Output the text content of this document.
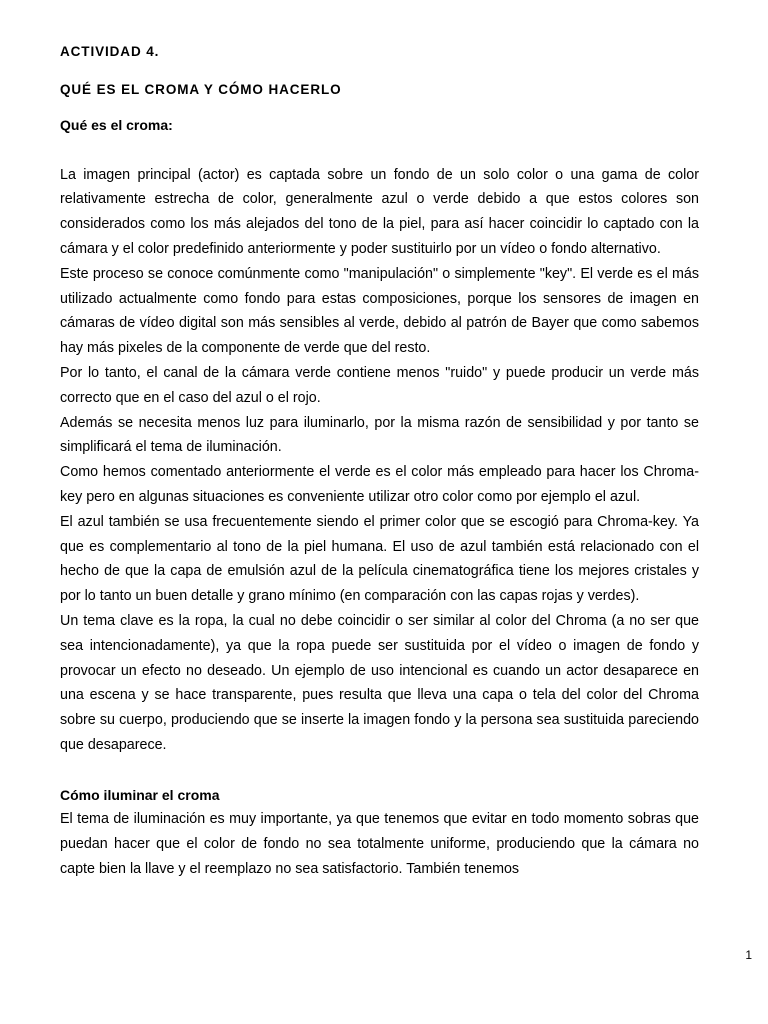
ACTIVIDAD 4.
QUÉ ES EL CROMA Y CÓMO HACERLO
Qué es el croma:

La imagen principal (actor) es captada sobre un fondo de un solo color o una gama de color relativamente estrecha de color, generalmente azul o verde debido a que estos colores son considerados como los más alejados del tono de la piel, para así hacer coincidir lo captado con la cámara y el color predefinido anteriormente y poder sustituirlo por un vídeo o fondo alternativo.

Este proceso se conoce comúnmente como "manipulación" o simplemente "key". El verde es el más utilizado actualmente como fondo para estas composiciones, porque los sensores de imagen en cámaras de vídeo digital son más sensibles al verde, debido al patrón de Bayer que como sabemos hay más pixeles de la componente de verde que del resto.

Por lo tanto, el canal de la cámara verde contiene menos "ruido" y puede producir un verde más correcto que en el caso del azul o el rojo.

Además se necesita menos luz para iluminarlo, por la misma razón de sensibilidad y por tanto se simplificará el tema de iluminación.

Como hemos comentado anteriormente el verde es el color más empleado para hacer los Chroma-key pero en algunas situaciones es conveniente utilizar otro color como por ejemplo el azul.

El azul también se usa frecuentemente siendo el primer color que se escogió para Chroma-key. Ya que es complementario al tono de la piel humana. El uso de azul también está relacionado con el hecho de que la capa de emulsión azul de la película cinematográfica tiene los mejores cristales y por lo tanto un buen detalle y grano mínimo (en comparación con las capas rojas y verdes).

Un tema clave es la ropa, la cual no debe coincidir o ser similar al color del Chroma (a no ser que sea intencionadamente), ya que la ropa puede ser sustituida por el vídeo o imagen de fondo y provocar un efecto no deseado. Un ejemplo de uso intencional es cuando un actor desaparece en una escena y se hace transparente, pues resulta que lleva una capa o tela del color del Chroma sobre su cuerpo, produciendo que se inserte la imagen fondo y la persona sea sustituida pareciendo que desaparece.

Cómo iluminar el croma

El tema de iluminación es muy importante, ya que tenemos que evitar en todo momento sobras que puedan hacer que el color de fondo no sea totalmente uniforme, produciendo que la cámara no capte bien la llave y el reemplazo no sea satisfactorio. También tenemos

1
